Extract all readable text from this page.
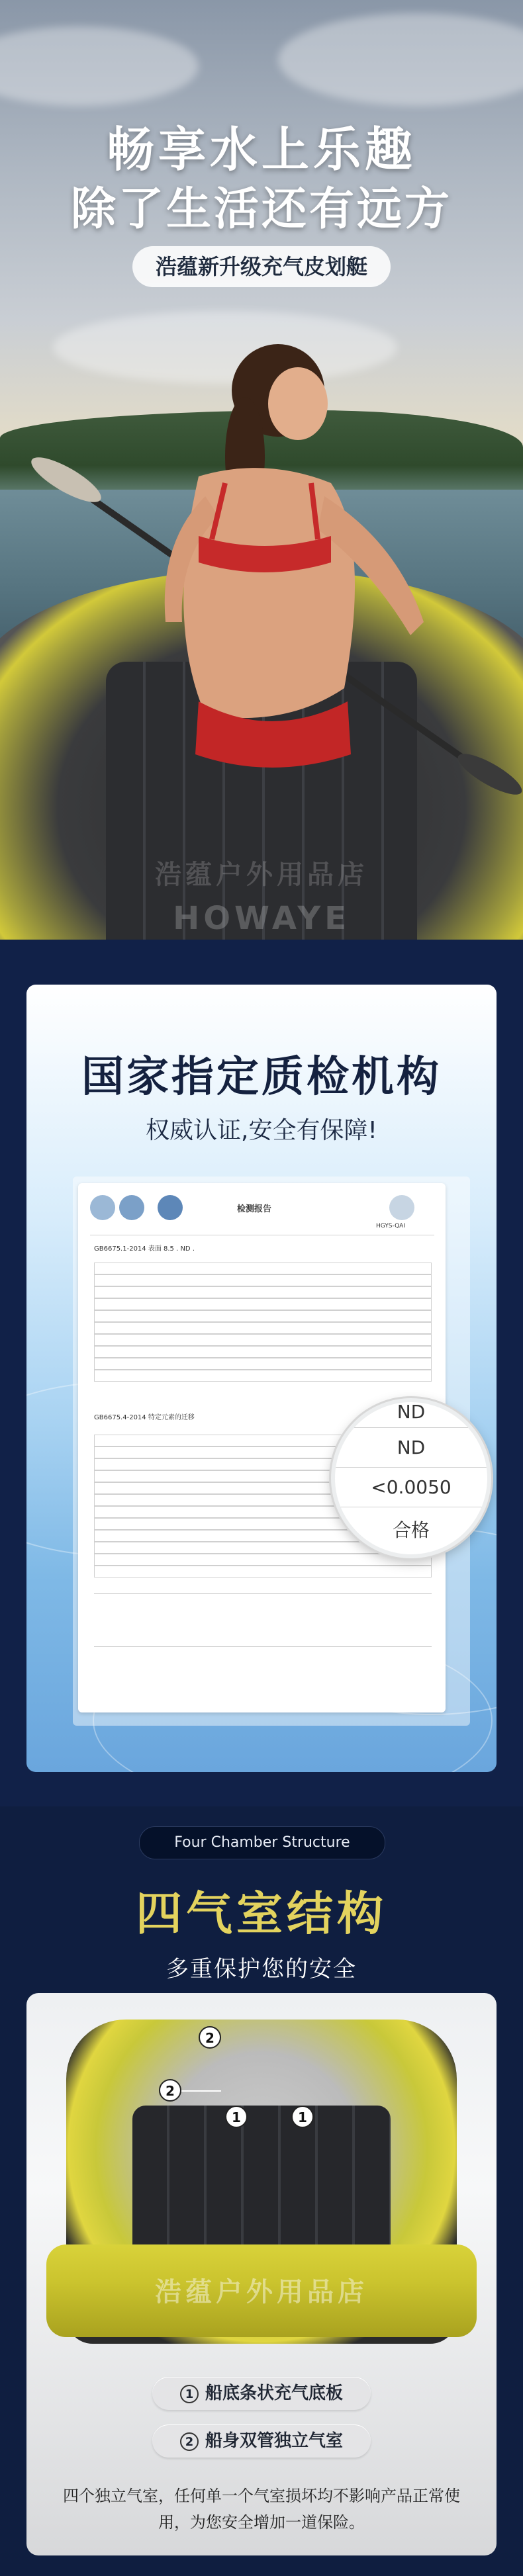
畅享水上乐趣
除了生活还有远方
浩蕴新升级充气皮划艇
浩蕴户外用品店
HOWAYE
国家指定质检机构
权威认证,安全有保障!
检测报告
HGYS-QAI
GB6675.1-2014 表面 8.5 . ND .
GB6675.4-2014 特定元素的迁移	ND
ND
<0.0050
合格
Four Chamber Structure
四气室结构
多重保护您的安全
浩蕴户外用品店
2
2
1	1
1 船底条状充气底板
2 船身双管独立气室
四个独立气室，任何单一个气室损坏均不影响产品正常使用，为您安全增加一道保险。
